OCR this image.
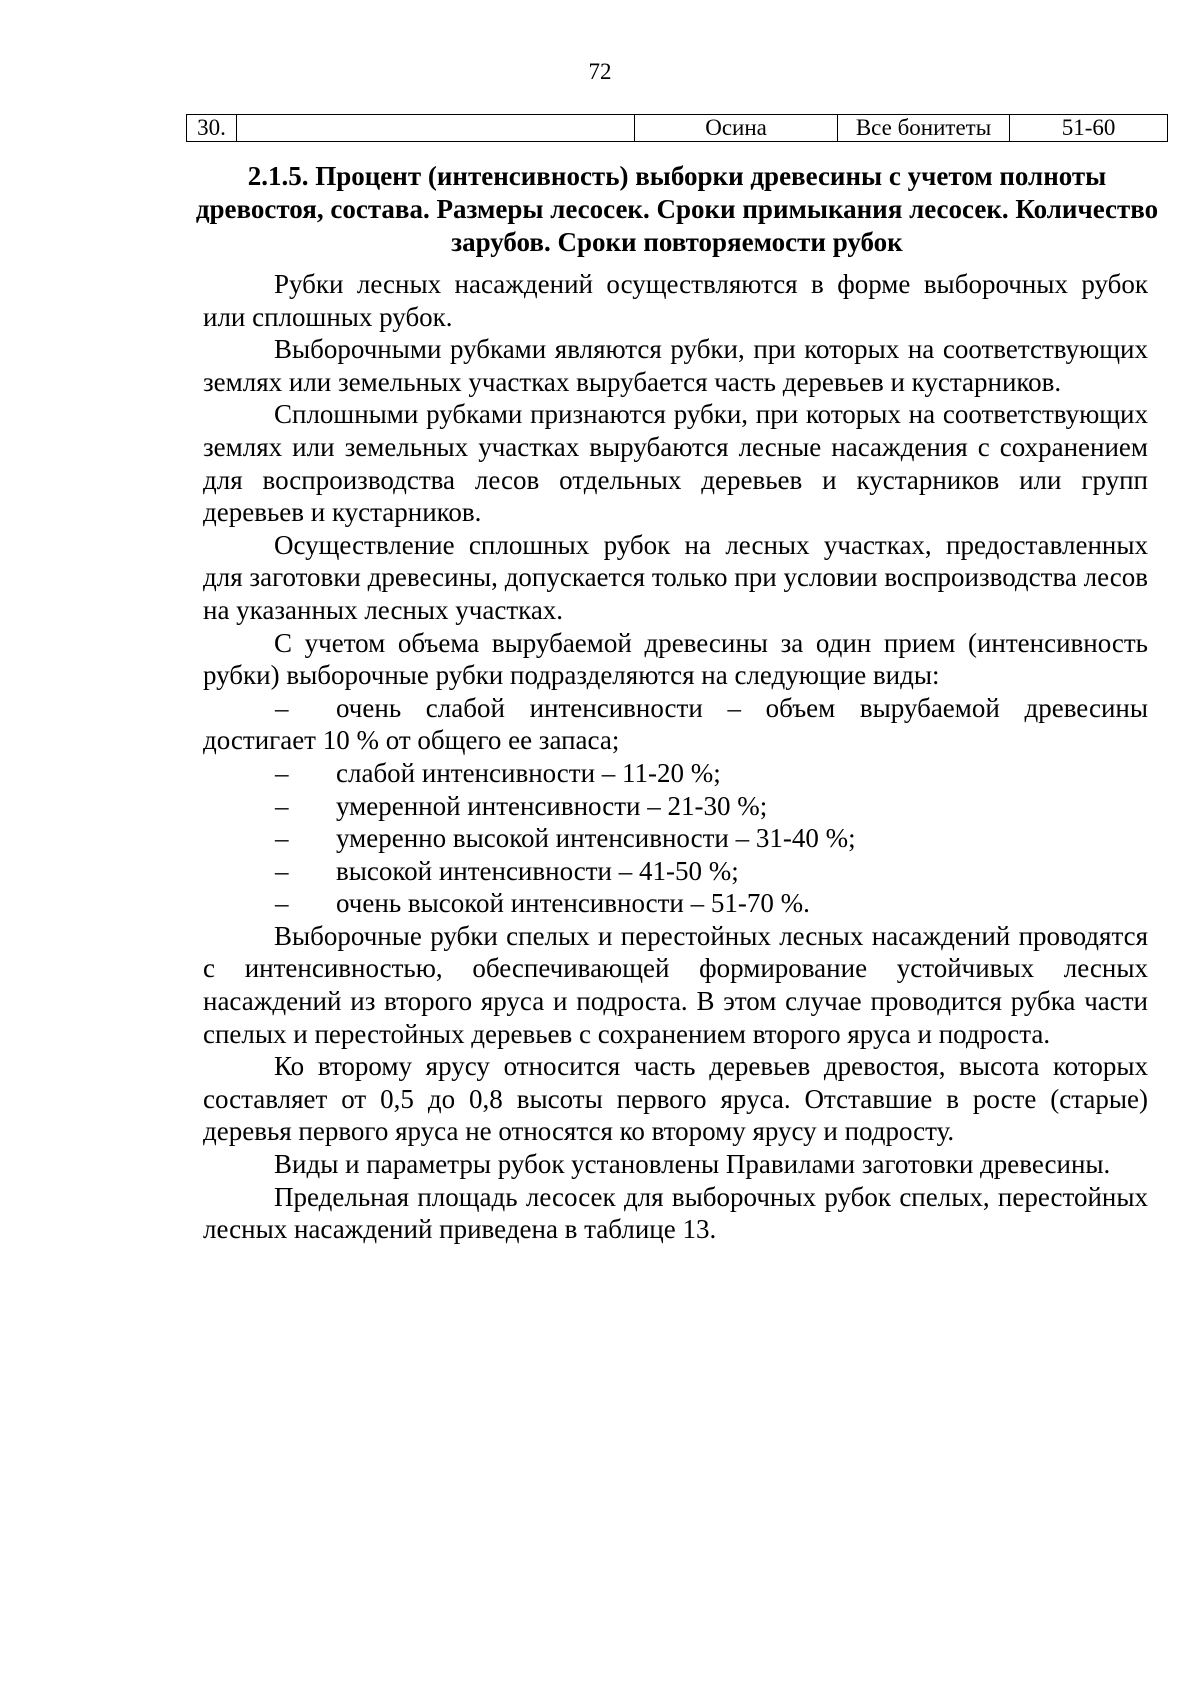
72
30.		Осина	Все бонитеты	51-60
2.1.5. Процент (интенсивность) выборки древесины с учетом полноты древостоя, состава. Размеры лесосек. Сроки примыкания лесосек. Количество зарубов. Сроки повторяемости рубок

Рубки лесных насаждений осуществляются в форме выборочных рубок или сплошных рубок.

Выборочными рубками являются рубки, при которых на соответствующих землях или земельных участках вырубается часть деревьев и кустарников.

Сплошными рубками признаются рубки, при которых на соответствующих землях или земельных участках вырубаются лесные насаждения с сохранением для воспроизводства лесов отдельных деревьев и кустарников или групп деревьев и кустарников.

Осуществление сплошных рубок на лесных участках, предоставленных для заготовки древесины, допускается только при условии воспроизводства лесов на указанных лесных участках.

С учетом объема вырубаемой древесины за один прием (интенсивность рубки) выборочные рубки подразделяются на следующие виды:

– очень слабой интенсивности – объем вырубаемой древесины достигает 10 % от общего ее запаса;

– слабой интенсивности – 11-20 %;

– умеренной интенсивности – 21-30 %;

– умеренно высокой интенсивности – 31-40 %;

– высокой интенсивности – 41-50 %;

– очень высокой интенсивности – 51-70 %.

Выборочные рубки спелых и перестойных лесных насаждений проводятся с интенсивностью, обеспечивающей формирование устойчивых лесных насаждений из второго яруса и подроста. В этом случае проводится рубка части спелых и перестойных деревьев с сохранением второго яруса и подроста.

Ко второму ярусу относится часть деревьев древостоя, высота которых составляет от 0,5 до 0,8 высоты первого яруса. Отставшие в росте (старые) деревья первого яруса не относятся ко второму ярусу и подросту.

Виды и параметры рубок установлены Правилами заготовки древесины.

Предельная площадь лесосек для выборочных рубок спелых, перестойных лесных насаждений приведена в таблице 13.
